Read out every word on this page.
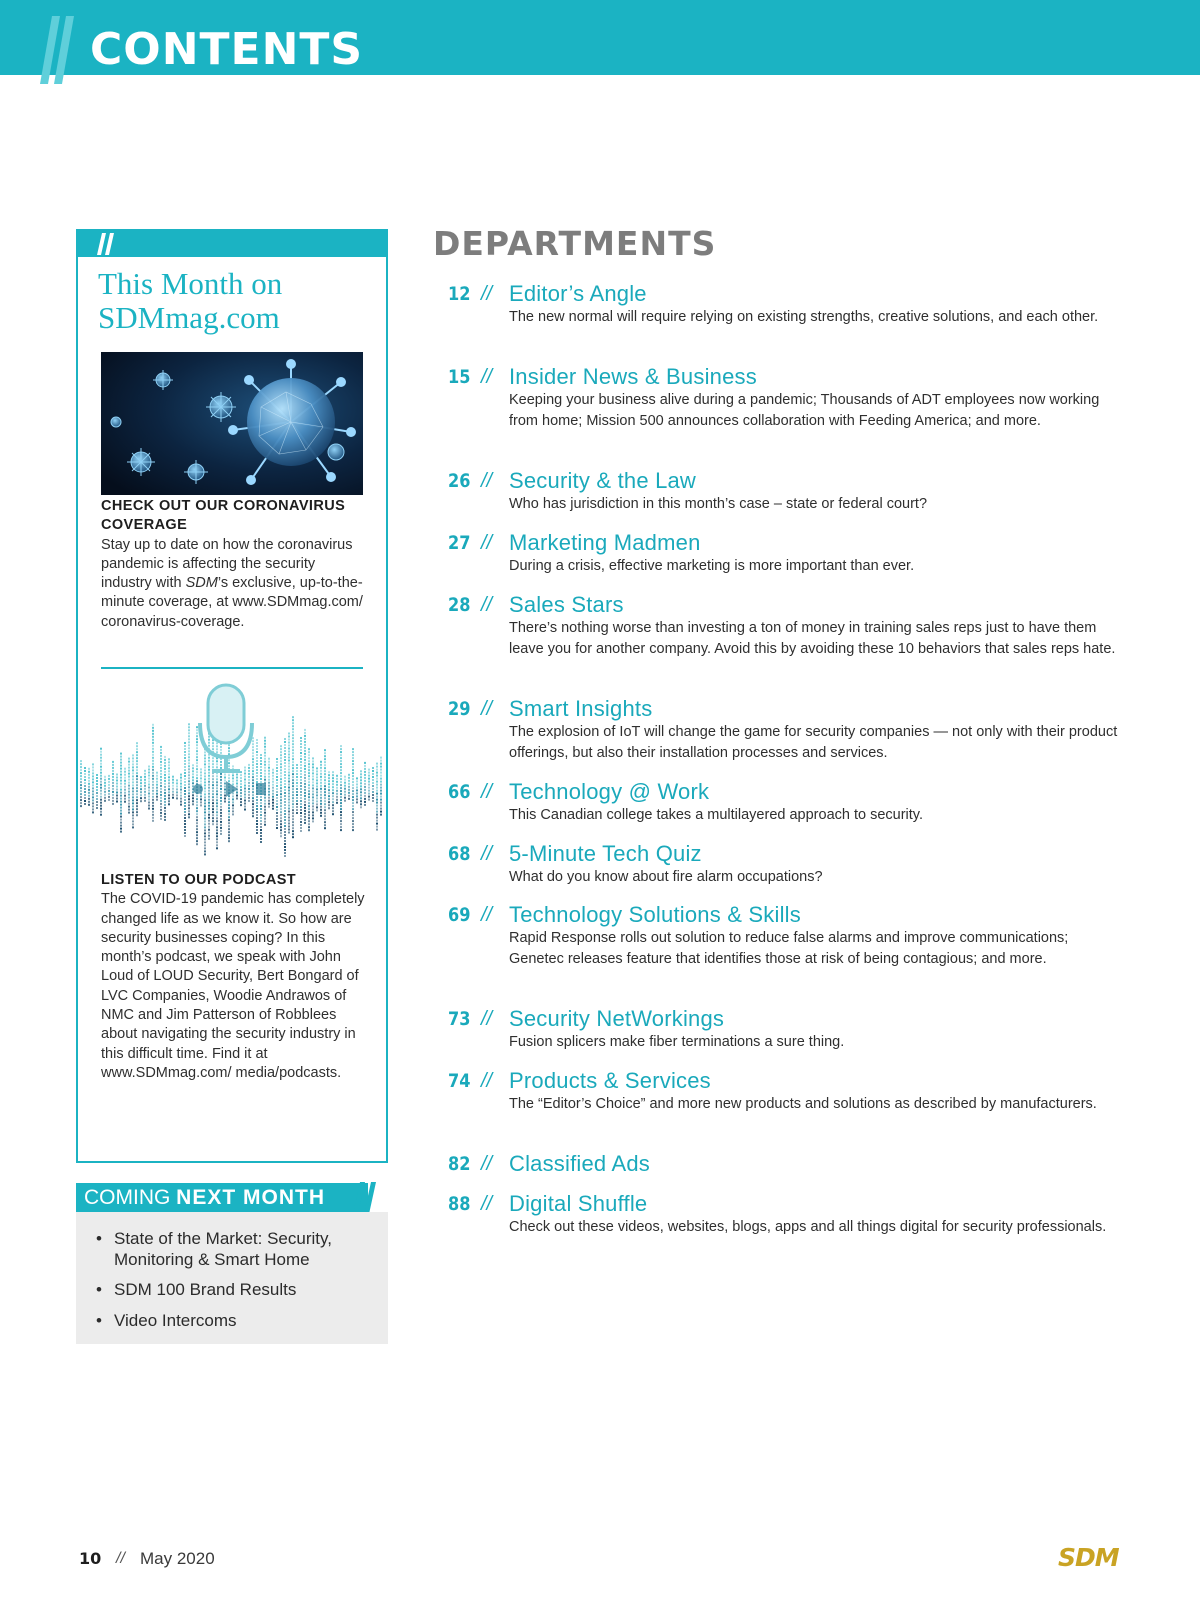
CONTENTS
This Month on SDMmag.com
CHECK OUT OUR CORONAVIRUS COVERAGE
Stay up to date on how the coronavirus pandemic is affecting the security industry with SDM’s exclusive, up-to-the-minute coverage, at www.SDMmag.com/ coronavirus-coverage.
LISTEN TO OUR PODCAST
The COVID-19 pandemic has completely changed life as we know it. So how are security businesses coping? In this month’s podcast, we speak with John Loud of LOUD Security, Bert Bongard of LVC Companies, Woodie Andrawos of NMC and Jim Patterson of Robblees about navigating the security industry in this difficult time. Find it at www.SDMmag.com/ media/podcasts.
COMING NEXT MONTH
• State of the Market: Security, Monitoring & Smart Home
• SDM 100 Brand Results
• Video Intercoms
DEPARTMENTS
12 // Editor’s Angle
The new normal will require relying on existing strengths, creative solutions, and each other.
15 // Insider News & Business
Keeping your business alive during a pandemic; Thousands of ADT employees now working from home; Mission 500 announces collaboration with Feeding America; and more.
26 // Security & the Law
Who has jurisdiction in this month’s case – state or federal court?
27 // Marketing Madmen
During a crisis, effective marketing is more important than ever.
28 // Sales Stars
There’s nothing worse than investing a ton of money in training sales reps just to have them leave you for another company. Avoid this by avoiding these 10 behaviors that sales reps hate.
29 // Smart Insights
The explosion of IoT will change the game for security companies — not only with their product offerings, but also their installation processes and services.
66 // Technology @ Work
This Canadian college takes a multilayered approach to security.
68 // 5-Minute Tech Quiz
What do you know about fire alarm occupations?
69 // Technology Solutions & Skills
Rapid Response rolls out solution to reduce false alarms and improve communications; Genetec releases feature that identifies those at risk of being contagious; and more.
73 // Security NetWorkings
Fusion splicers make fiber terminations a sure thing.
74 // Products & Services
The “Editor’s Choice” and more new products and solutions as described by manufacturers.
82 // Classified Ads
88 // Digital Shuffle
Check out these videos, websites, blogs, apps and all things digital for security professionals.
10 // May 2020	SDM
